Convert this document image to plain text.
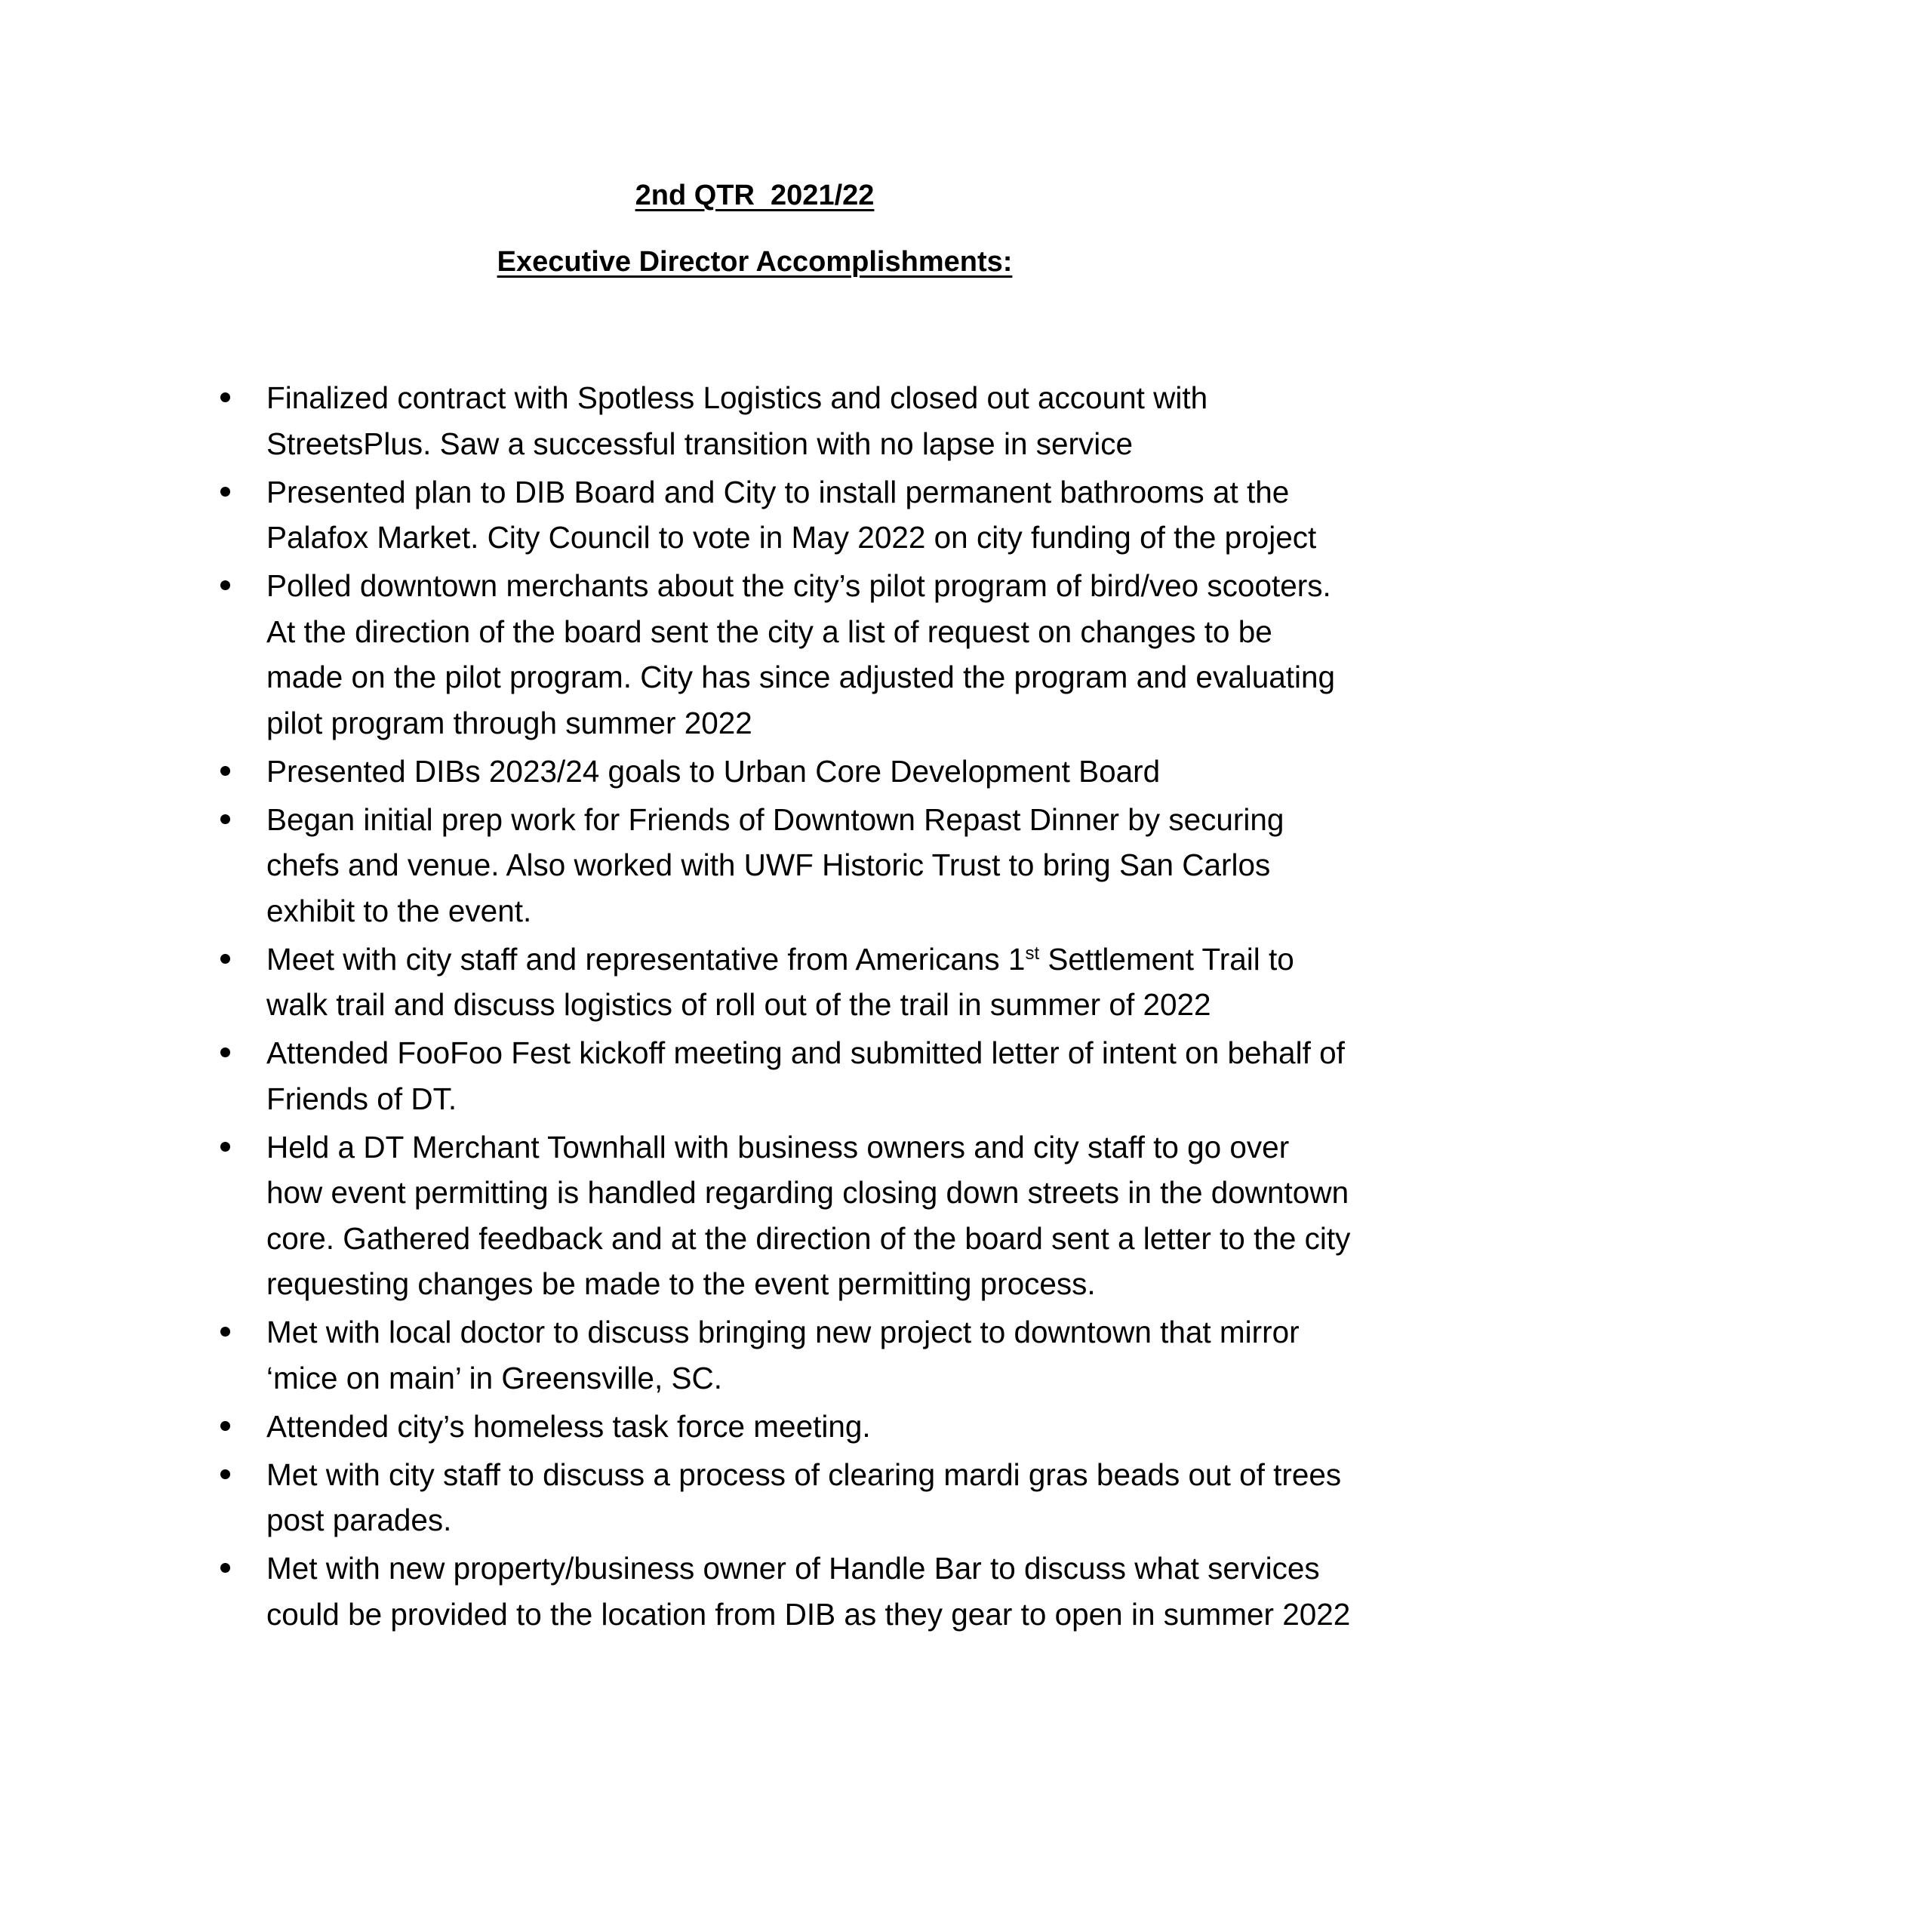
2nd QTR  2021/22
Executive Director Accomplishments:
Finalized contract with Spotless Logistics and closed out account with StreetsPlus. Saw a successful transition with no lapse in service
Presented plan to DIB Board and City to install permanent bathrooms at the Palafox Market. City Council to vote in May 2022 on city funding of the project
Polled downtown merchants about the city’s pilot program of bird/veo scooters. At the direction of the board sent the city a list of request on changes to be made on the pilot program. City has since adjusted the program and evaluating pilot program through summer 2022
Presented DIBs 2023/24 goals to Urban Core Development Board
Began initial prep work for Friends of Downtown Repast Dinner by securing chefs and venue. Also worked with UWF Historic Trust to bring San Carlos exhibit to the event.
Meet with city staff and representative from Americans 1st Settlement Trail to walk trail and discuss logistics of roll out of the trail in summer of 2022
Attended FooFoo Fest kickoff meeting and submitted letter of intent on behalf of Friends of DT.
Held a DT Merchant Townhall with business owners and city staff to go over how event permitting is handled regarding closing down streets in the downtown core. Gathered feedback and at the direction of the board sent a letter to the city requesting changes be made to the event permitting process.
Met with local doctor to discuss bringing new project to downtown that mirror ‘mice on main’ in Greensville, SC.
Attended city’s homeless task force meeting.
Met with city staff to discuss a process of clearing mardi gras beads out of trees post parades.
Met with new property/business owner of Handle Bar to discuss what services could be provided to the location from DIB as they gear to open in summer 2022
